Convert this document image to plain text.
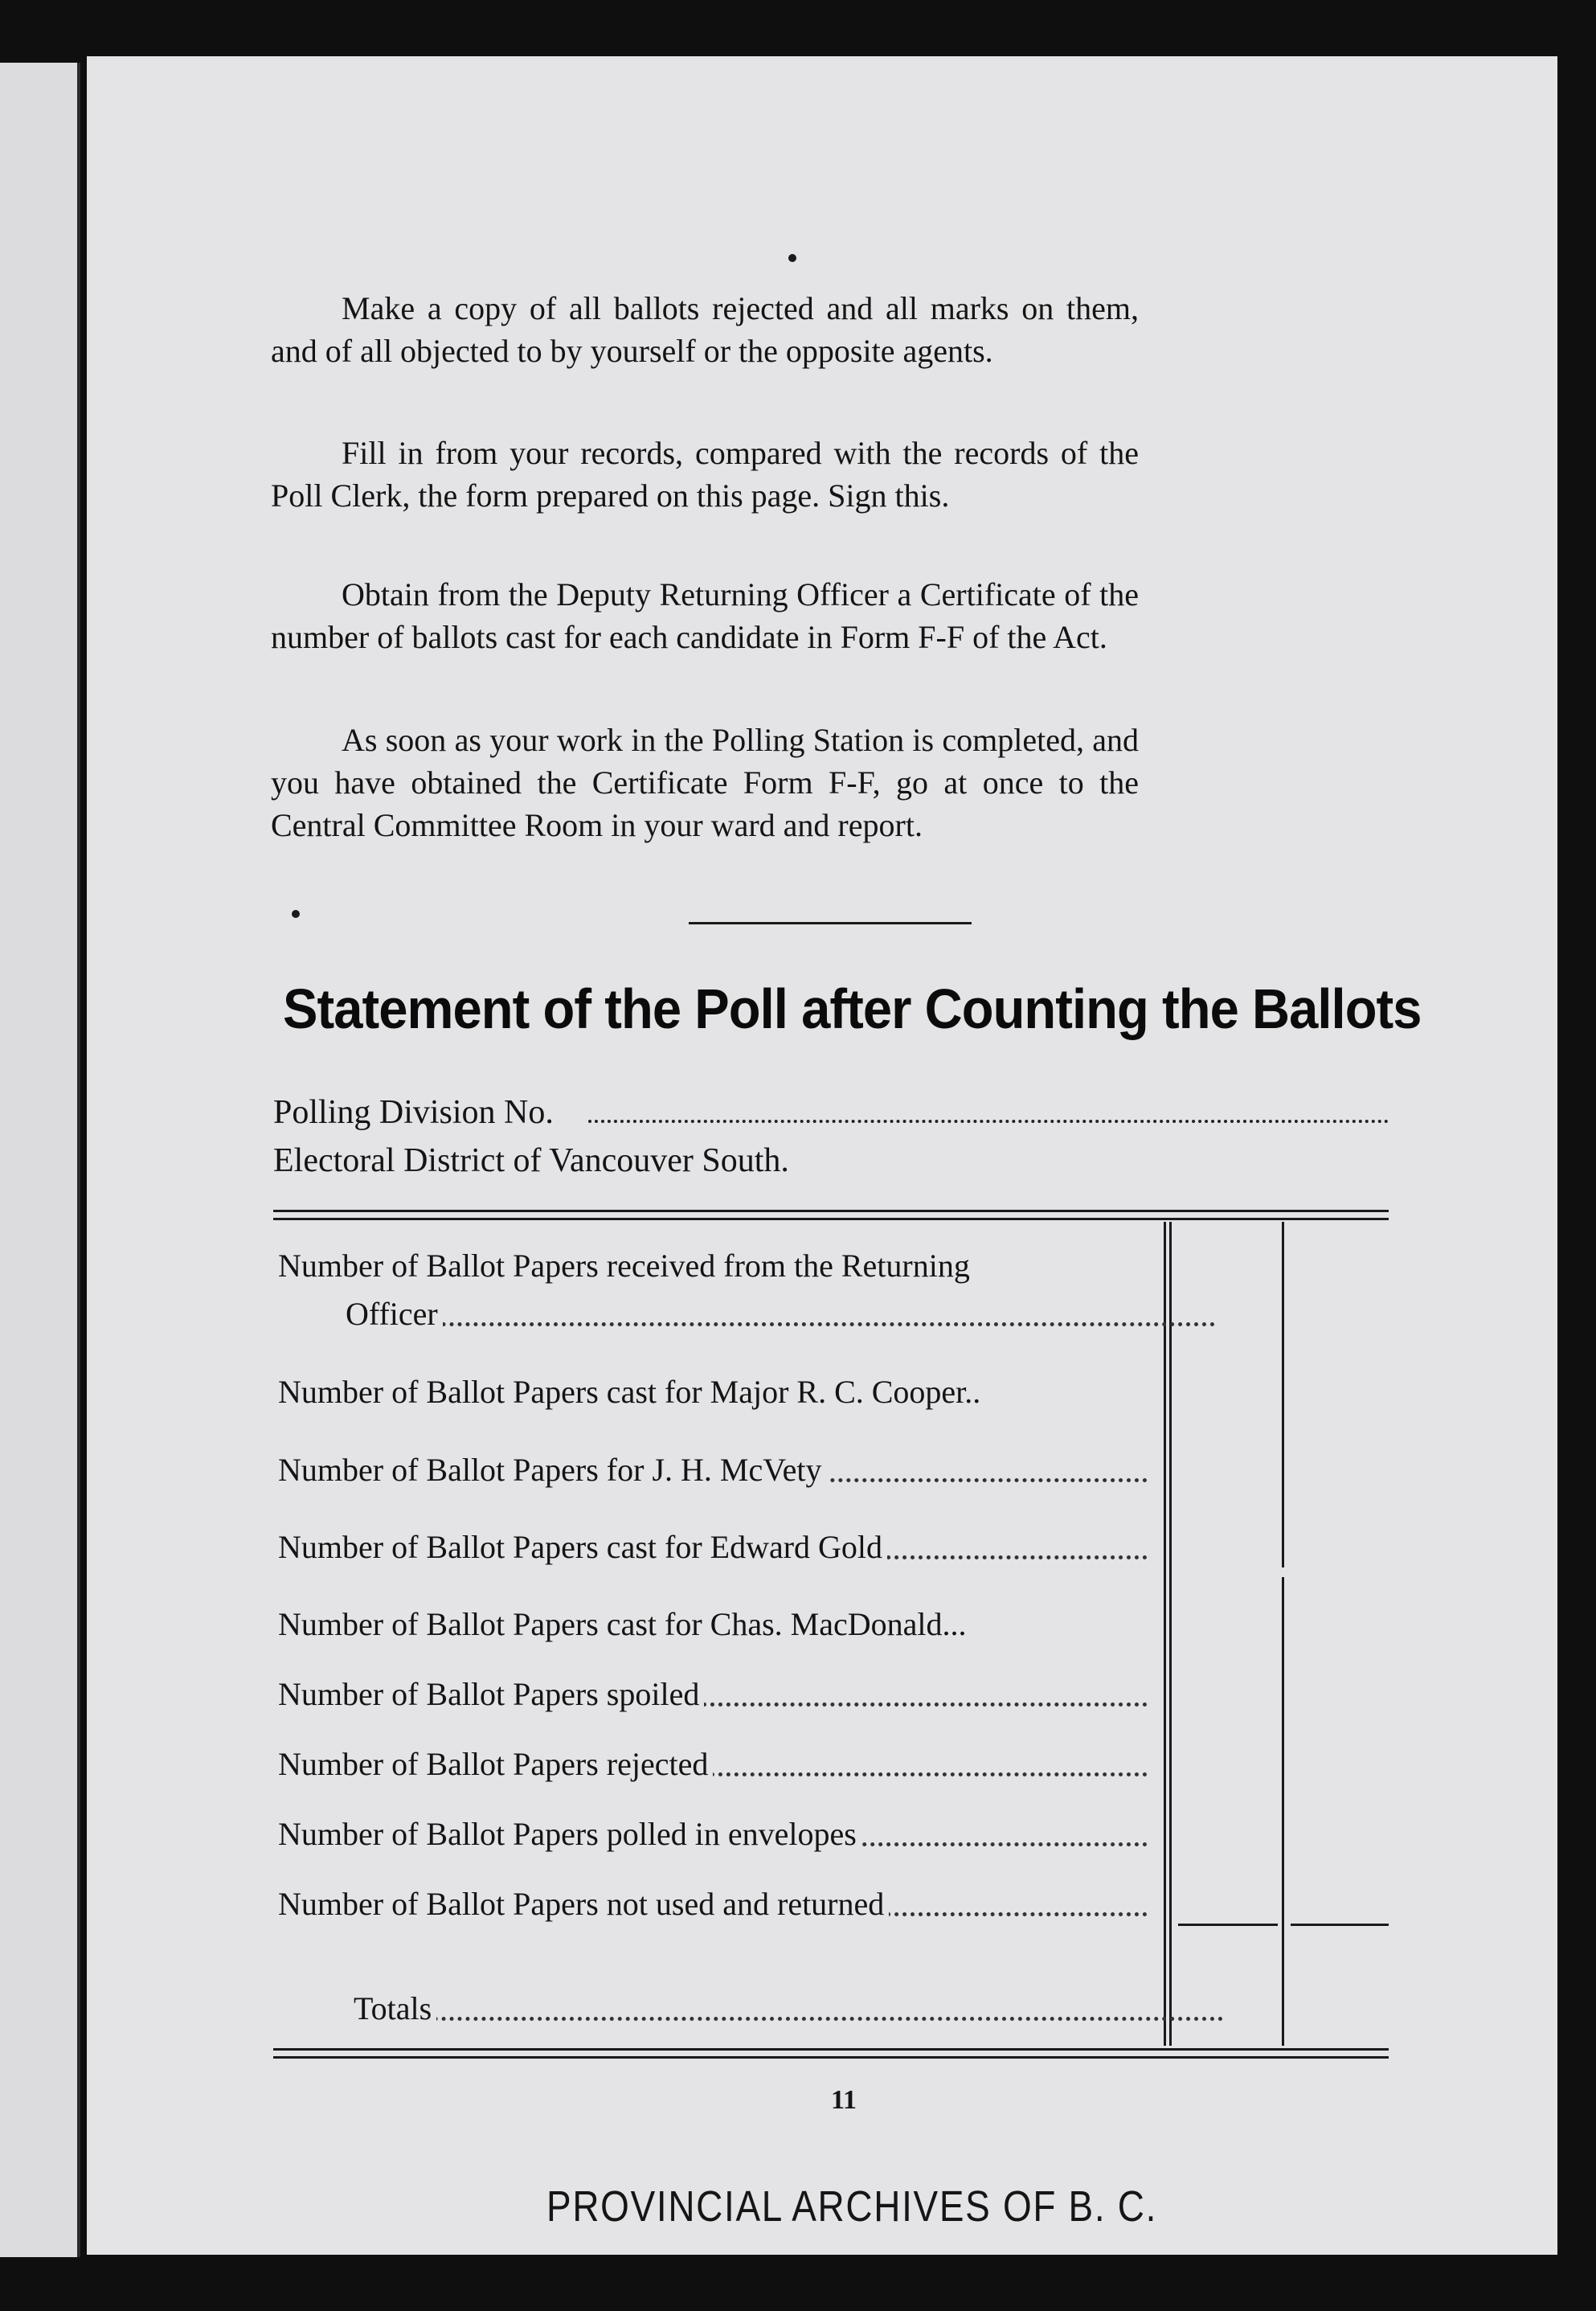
Make a copy of all ballots rejected and all marks on them, and of all objected to by yourself or the opposite agents.

Fill in from your records, compared with the records of the Poll Clerk, the form prepared on this page. Sign this.

Obtain from the Deputy Returning Officer a Certificate of the number of ballots cast for each candidate in Form F-F of the Act.

As soon as your work in the Polling Station is completed, and you have obtained the Certificate Form F-F, go at once to the Central Committee Room in your ward and report.

Statement of the Poll after Counting the Ballots

Polling Division No.

Electoral District of Vancouver South.

Number of Ballot Papers received from the Returning
Officer
Number of Ballot Papers cast for Major R. C. Cooper..
Number of Ballot Papers for J. H. McVety
Number of Ballot Papers cast for Edward Gold
Number of Ballot Papers cast for Chas. MacDonald...
Number of Ballot Papers spoiled
Number of Ballot Papers rejected
Number of Ballot Papers polled in envelopes
Number of Ballot Papers not used and returned
Totals

11

PROVINCIAL ARCHIVES OF B. C.
